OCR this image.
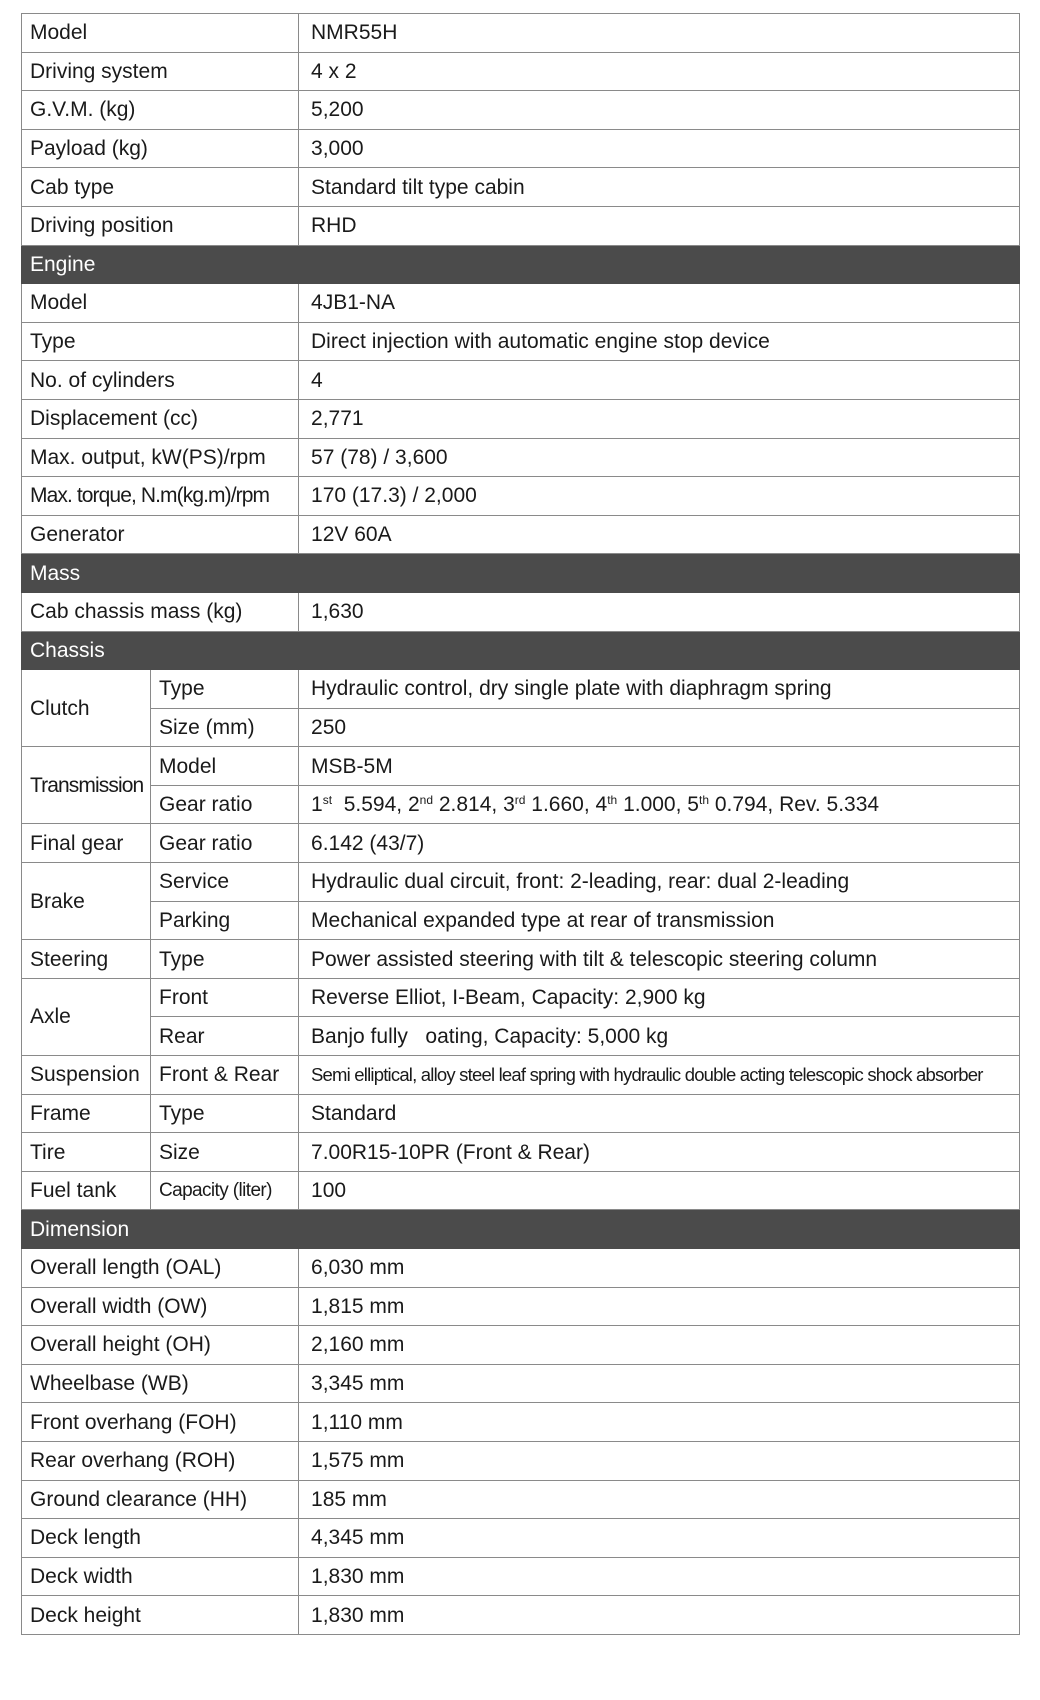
Model		NMR55H
Driving system		4 x 2
G.V.M. (kg)		5,200
Payload (kg)		3,000
Cab type		Standard tilt type cabin
Driving position		RHD
Engine		
Model		4JB1-NA
Type		Direct injection with automatic engine stop device
No. of cylinders		4
Displacement (cc)		2,771
Max. output, kW(PS)/rpm		57 (78) / 3,600
Max. torque, N.m(kg.m)/rpm		170 (17.3) / 2,000
Generator		12V 60A
Mass		
Cab chassis mass (kg)		1,630
Chassis		
Clutch	Type	Hydraulic control, dry single plate with diaphragm spring
	Size (mm)	250
Transmission	Model	MSB-5M
	Gear ratio	1st 5.594, 2nd 2.814, 3rd 1.660, 4th 1.000, 5th 0.794, Rev. 5.334
Final gear	Gear ratio	6.142 (43/7)
Brake	Service	Hydraulic dual circuit, front: 2-leading, rear: dual 2-leading
	Parking	Mechanical expanded type at rear of transmission
Steering	Type	Power assisted steering with tilt & telescopic steering column
Axle	Front	Reverse Elliot, I-Beam, Capacity: 2,900 kg
	Rear	Banjo fully   oating, Capacity: 5,000 kg
Suspension	Front & Rear	Semi elliptical, alloy steel leaf spring with hydraulic double acting telescopic shock absorber
Frame	Type	Standard
Tire	Size	7.00R15-10PR (Front & Rear)
Fuel tank	Capacity (liter)	100
Dimension		
Overall length (OAL)		6,030 mm
Overall width (OW)		1,815 mm
Overall height (OH)		2,160 mm
Wheelbase (WB)		3,345 mm
Front overhang (FOH)		1,110 mm
Rear overhang (ROH)		1,575 mm
Ground clearance (HH)		185 mm
Deck length		4,345 mm
Deck width		1,830 mm
Deck height		1,830 mm
